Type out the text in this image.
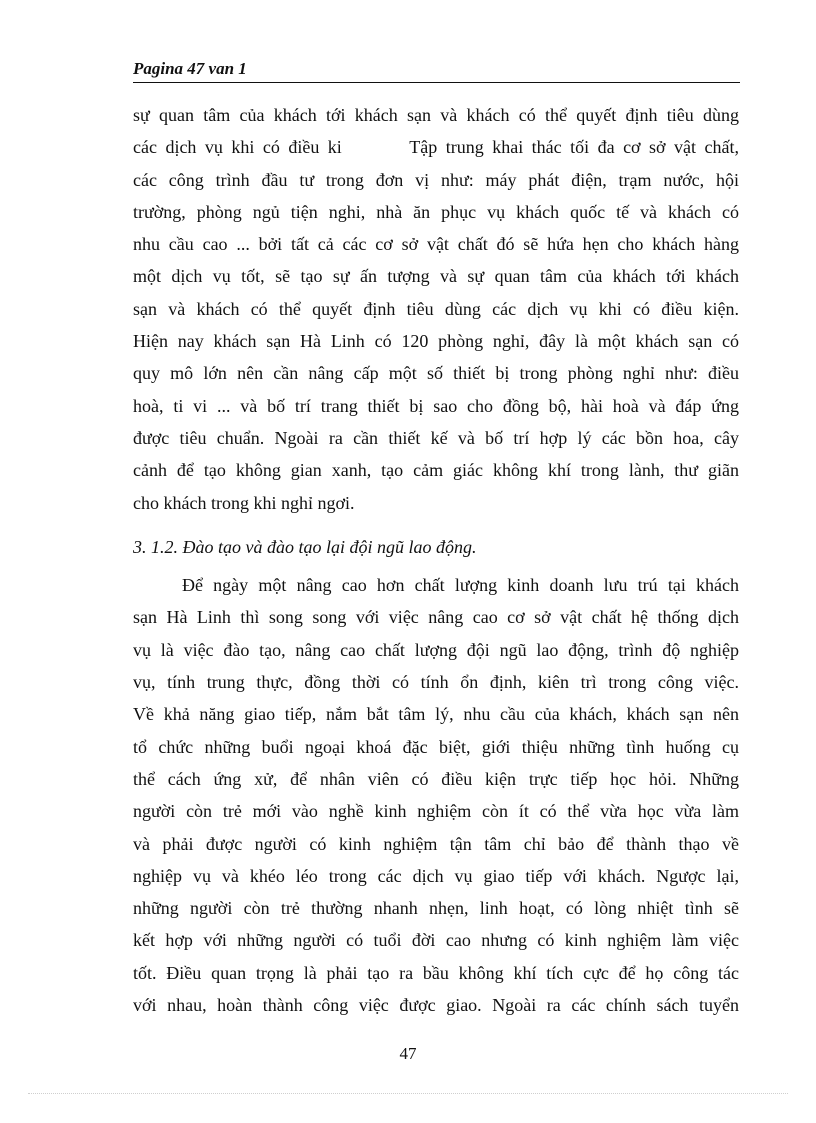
Pagina 47 van 1

sự quan tâm của khách tới khách sạn và khách có thể quyết định tiêu dùng
các dịch vụ khi có điều ki        Tập trung khai thác tối đa cơ sở vật chất,
các công trình đầu tư trong đơn vị như: máy phát điện, trạm nước, hội
trường, phòng ngủ tiện nghi, nhà ăn phục vụ khách quốc tế và khách có
nhu cầu cao ... bởi tất cả các cơ sở vật chất đó sẽ hứa hẹn cho khách hàng
một dịch vụ tốt, sẽ tạo sự ấn tượng và sự quan tâm của khách tới khách
sạn và khách có thể quyết định tiêu dùng các dịch vụ khi có điều kiện.
Hiện nay khách sạn Hà Linh có 120 phòng nghỉ, đây là một khách sạn có
quy mô lớn nên cần nâng cấp một số thiết bị trong phòng nghỉ như: điều
hoà, ti vi ... và bố trí trang thiết bị sao cho đồng bộ, hài hoà và đáp ứng
được tiêu chuẩn. Ngoài ra cần thiết kế và bố trí hợp lý các bồn hoa, cây
cảnh để tạo không gian xanh, tạo cảm giác không khí trong lành, thư giãn
cho khách trong khi nghỉ ngơi.
3. 1.2. Đào tạo và đào tạo lại đội ngũ lao động.
Để ngày một nâng cao hơn chất lượng kinh doanh lưu trú tại khách
sạn Hà Linh thì song song với việc nâng cao cơ sở vật chất hệ thống dịch
vụ là việc đào tạo, nâng cao chất lượng đội ngũ lao động, trình độ nghiệp
vụ, tính trung thực, đồng thời có tính ổn định, kiên trì trong công việc.
Về khả năng giao tiếp, nắm bắt tâm lý, nhu cầu của khách, khách sạn nên
tổ chức những buổi ngoại khoá đặc biệt, giới thiệu những tình huống cụ
thể cách ứng xử, để nhân viên có điều kiện trực tiếp học hỏi. Những
người còn trẻ mới vào nghề kinh nghiệm còn ít có thể vừa học vừa làm
và phải được người có kinh nghiệm tận tâm chỉ bảo để thành thạo về
nghiệp vụ và khéo léo trong các dịch vụ giao tiếp với khách. Ngược lại,
những người còn trẻ thường nhanh nhẹn, linh hoạt, có lòng nhiệt tình sẽ
kết hợp với những người có tuổi đời cao nhưng có kinh nghiệm làm việc
tốt. Điều quan trọng là phải tạo ra bầu không khí tích cực để họ công tác
với nhau, hoàn thành công việc được giao. Ngoài ra các chính sách tuyển
47
